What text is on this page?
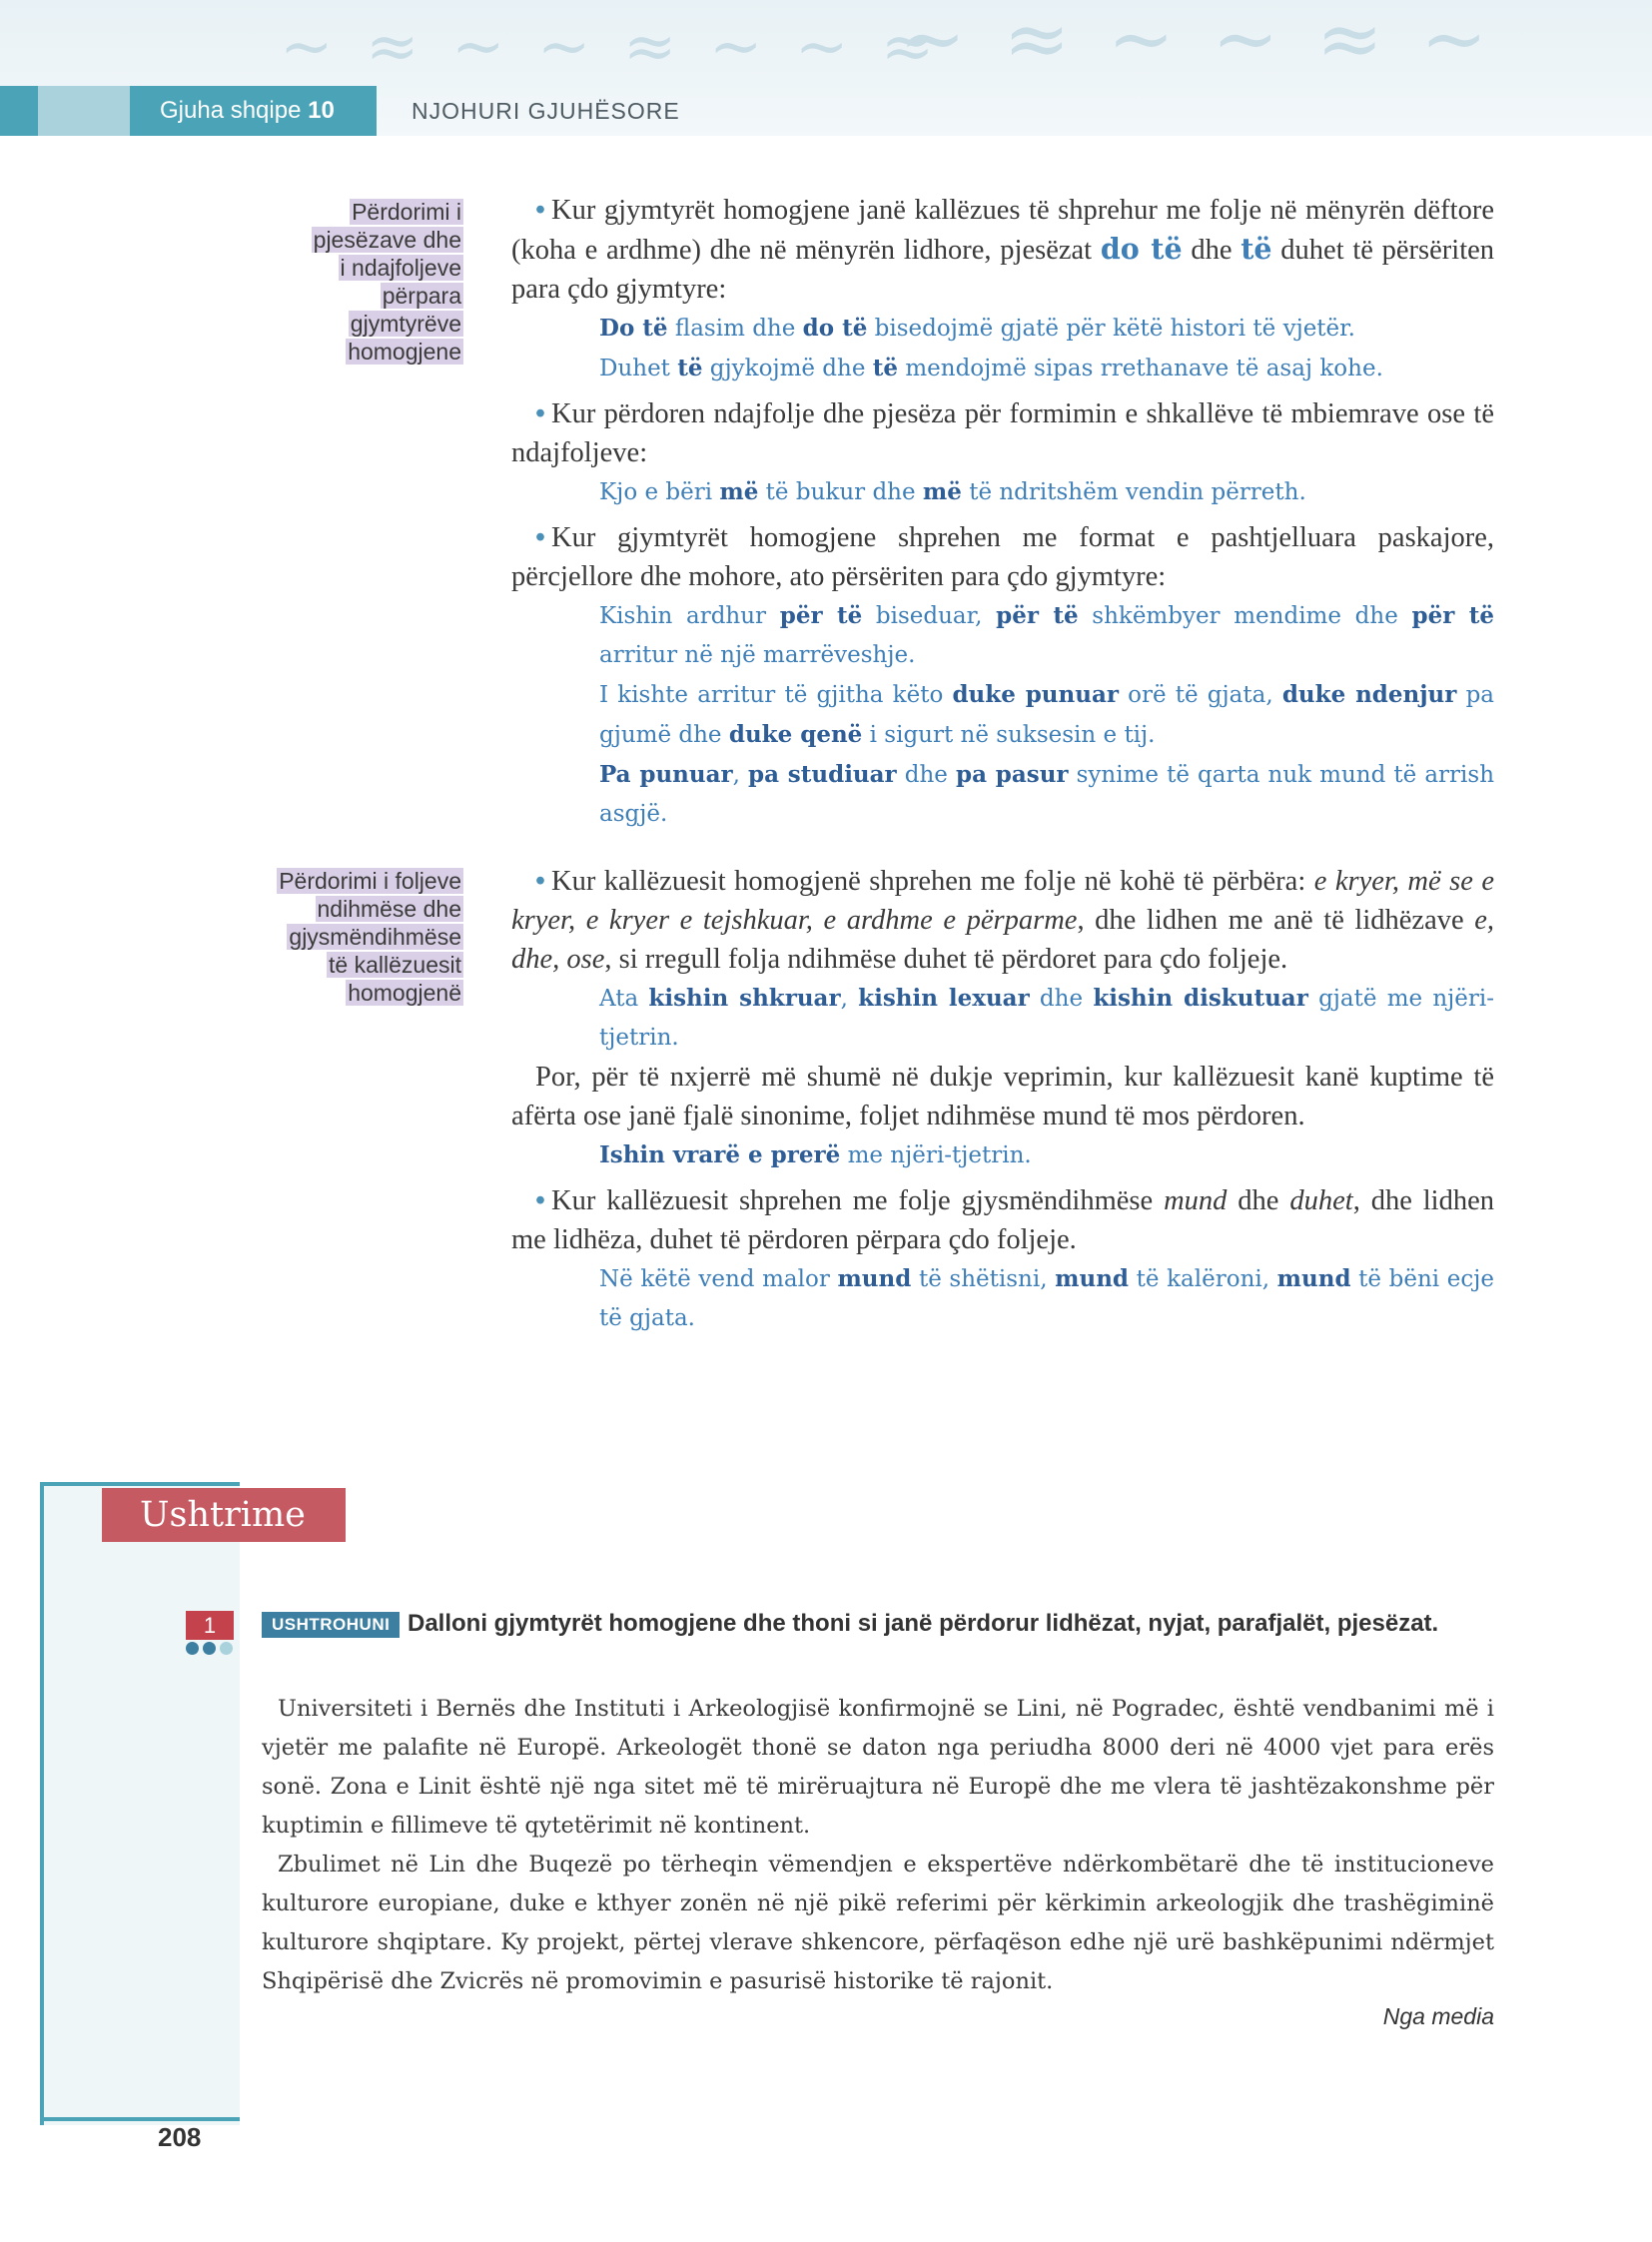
~ ≈ ∼ ~ ≈ ∼ ~ ≈
∼ ≈ ~ ∼ ≈ ~
Gjuha shqipe 10	NJOHURI GJUHËSORE
Përdorimi i
pjesëzave dhe
i ndajfoljeve
përpara
gjymtyrëve
homogjene
Përdorimi i foljeve
ndihmëse dhe
gjysmëndihmëse
të kallëzuesit
homogjenë

• Kur gjymtyrët homogjene janë kallëzues të shprehur me folje në mënyrën dëftore (koha e ardhme) dhe në mënyrën lidhore, pjesëzat do të dhe të duhet të përsëriten para çdo gjymtyre:

Do të flasim dhe do të bisedojmë gjatë për këtë histori të vjetër.

Duhet të gjykojmë dhe të mendojmë sipas rrethanave të asaj kohe.

• Kur përdoren ndajfolje dhe pjesëza për formimin e shkallëve të mbiemrave ose të ndajfoljeve:

Kjo e bëri më të bukur dhe më të ndritshëm vendin përreth.

• Kur gjymtyrët homogjene shprehen me format e pashtjelluara paskajore, përcjellore dhe mohore, ato përsëriten para çdo gjymtyre:

Kishin ardhur për të biseduar, për të shkëmbyer mendime dhe për të arritur në një marrëveshje.

I kishte arritur të gjitha këto duke punuar orë të gjata, duke ndenjur pa gjumë dhe duke qenë i sigurt në suksesin e tij.

Pa punuar, pa studiuar dhe pa pasur synime të qarta nuk mund të arrish asgjë.

• Kur kallëzuesit homogjenë shprehen me folje në kohë të përbëra: e kryer, më se e kryer, e kryer e tejshkuar, e ardhme e përparme, dhe lidhen me anë të lidhëzave e, dhe, ose, si rregull folja ndihmëse duhet të përdoret para çdo foljeje.

Ata kishin shkruar, kishin lexuar dhe kishin diskutuar gjatë me njëri-tjetrin.

Por, për të nxjerrë më shumë në dukje veprimin, kur kallëzuesit kanë kuptime të afërta ose janë fjalë sinonime, foljet ndihmëse mund të mos përdoren.

Ishin vrarë e prerë me njëri-tjetrin.

• Kur kallëzuesit shprehen me folje gjysmëndihmëse mund dhe duhet, dhe lidhen me lidhëza, duhet të përdoren përpara çdo foljeje.

Në këtë vend malor mund të shëtisni, mund të kalëroni, mund të bëni ecje të gjata.

Ushtrime
1	Dalloni gjymtyrët homogjene dhe thoni si janë përdorur lidhëzat, nyjat, parafjalët, pjesëzat.
USHTROHUNI

Universiteti i Bernës dhe Instituti i Arkeologjisë konfirmojnë se Lini, në Pogradec, është vendbanimi më i vjetër me palafite në Europë. Arkeologët thonë se daton nga periudha 8000 deri në 4000 vjet para erës sonë. Zona e Linit është një nga sitet më të mirëruajtura në Europë dhe me vlera të jashtëzakonshme për kuptimin e fillimeve të qytetërimit në kontinent.

Zbulimet në Lin dhe Buqezë po tërheqin vëmendjen e ekspertëve ndërkombëtarë dhe të institucioneve kulturore europiane, duke e kthyer zonën në një pikë referimi për kërkimin arkeologjik dhe trashëgiminë kulturore shqiptare. Ky projekt, përtej vlerave shkencore, përfaqëson edhe një urë bashkëpunimi ndërmjet Shqipërisë dhe Zvicrës në promovimin e pasurisë historike të rajonit.

Nga media
208
